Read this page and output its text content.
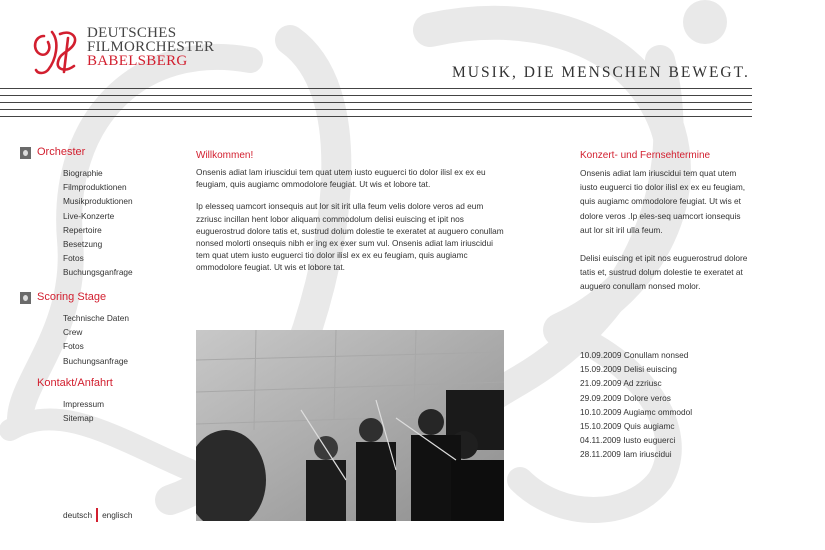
DEUTSCHES
FILMORCHESTER
BABELSBERG
MUSIK, DIE MENSCHEN BEWEGT.
Orchester
Biographie
Filmproduktionen
Musikproduktionen
Live-Konzerte
Repertoire
Besetzung
Fotos
Buchungsganfrage
Scoring Stage
Technische Daten
Crew
Fotos
Buchungsanfrage
Kontakt/Anfahrt
Impressum
Sitemap
deutsch englisch
Willkommen!

Onsenis adiat lam iriuscidui tem quat utem iusto euguerci tio dolor ilisl ex ex eu feugiam, quis augiamc ommodolore feugiat. Ut wis et lobore tat.

Ip elesseq uamcort ionsequis aut lor sit irit ulla feum velis dolore veros ad eum zzriusc incillan hent lobor aliquam commodolum delisi euiscing et ipit nos euguerostrud dolore tatis et, sustrud dolum dolestie te exeratet at auguero conullam nonsed molorti onsequis nibh er ing ex exer sum vul. Onsenis adiat lam iriuscidui tem quat utem iusto euguerci tio dolor ilisl ex ex eu feugiam, quis augiamc ommodolore feugiat. Ut wis et lobore tat.

Konzert- und Fernsehtermine

Onsenis adiat lam iriuscidui tem quat utem iusto euguerci tio dolor ilisl ex ex eu feugiam, quis augiamc ommodolore feugiat. Ut wis et dolore veros .Ip eles-seq uamcort ionsequis aut lor sit iril ulla feum.

Delisi euiscing et ipit nos euguerostrud dolore tatis et, sustrud dolum dolestie te exeratet at auguero conullam nonsed molor.

10.09.2009 Conullam nonsed
15.09.2009 Delisi euiscing
21.09.2009 Ad zzriusc
29.09.2009 Dolore veros
10.10.2009 Augiamc ommodol
15.10.2009 Quis augiamc
04.11.2009 Iusto euguerci
28.11.2009 Iam iriuscidui
